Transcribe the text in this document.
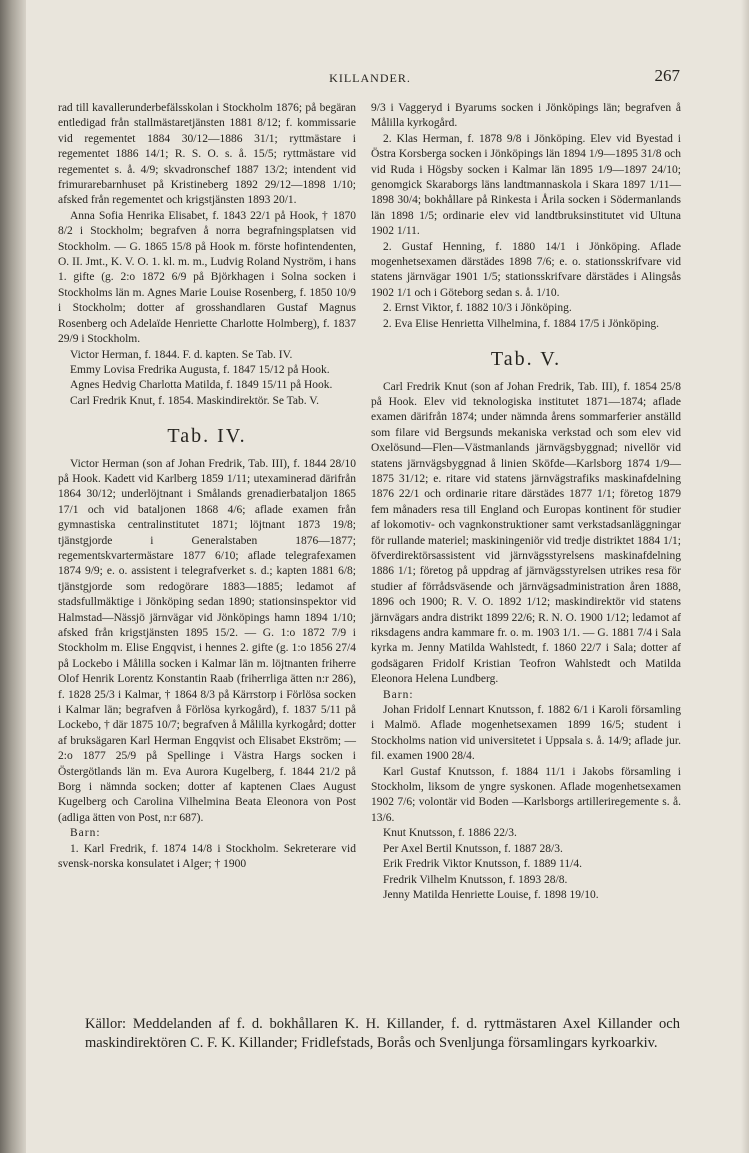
KILLANDER.	267

rad till kavallerunderbefälsskolan i Stockholm 1876; på begäran entledigad från stallmästaretjänsten 1881 8/12; f. kommissarie vid regementet 1884 30/12—1886 31/1; ryttmästare i regementet 1886 14/1; R. S. O. s. å. 15/5; ryttmästare vid regementet s. å. 4/9; skvadronschef 1887 13/2; intendent vid frimurarebarnhuset på Kristineberg 1892 29/12—1898 1/10; afsked från regementet och krigstjänsten 1893 20/1.

Anna Sofia Henrika Elisabet, f. 1843 22/1 på Hook, † 1870 8/2 i Stockholm; begrafven å norra begrafningsplatsen vid Stockholm. — G. 1865 15/8 på Hook m. förste hofintendenten, O. II. Jmt., K. V. O. 1. kl. m. m., Ludvig Roland Nyström, i hans 1. gifte (g. 2:o 1872 6/9 på Björkhagen i Solna socken i Stockholms län m. Agnes Marie Louise Rosenberg, f. 1850 10/9 i Stockholm; dotter af grosshandlaren Gustaf Magnus Rosenberg och Adelaïde Henriette Charlotte Holmberg), f. 1837 29/9 i Stockholm.

Victor Herman, f. 1844. F. d. kapten. Se Tab. IV.

Emmy Lovisa Fredrika Augusta, f. 1847 15/12 på Hook.

Agnes Hedvig Charlotta Matilda, f. 1849 15/11 på Hook.

Carl Fredrik Knut, f. 1854. Maskindirektör. Se Tab. V.

Tab. IV.

Victor Herman (son af Johan Fredrik, Tab. III), f. 1844 28/10 på Hook. Kadett vid Karlberg 1859 1/11; utexaminerad därifrån 1864 30/12; underlöjtnant i Smålands grenadierbataljon 1865 17/1 och vid bataljonen 1868 4/6; aflade examen från gymnastiska centralinstitutet 1871; löjtnant 1873 19/8; tjänstgjorde i Generalstaben 1876—1877; regementskvartermästare 1877 6/10; aflade telegrafexamen 1874 9/9; e. o. assistent i telegrafverket s. d.; kapten 1881 6/8; tjänstgjorde som redogörare 1883—1885; ledamot af stadsfullmäktige i Jönköping sedan 1890; stationsinspektor vid Halmstad—Nässjö järnvägar vid Jönköpings hamn 1894 1/10; afsked från krigstjänsten 1895 15/2. — G. 1:o 1872 7/9 i Stockholm m. Elise Engqvist, i hennes 2. gifte (g. 1:o 1856 27/4 på Lockebo i Målilla socken i Kalmar län m. löjtnanten friherre Olof Henrik Lorentz Konstantin Raab (friherrliga ätten n:r 286), f. 1828 25/3 i Kalmar, † 1864 8/3 på Kärrstorp i Förlösa socken i Kalmar län; begrafven å Förlösa kyrkogård), f. 1837 5/11 på Lockebo, † där 1875 10/7; begrafven å Målilla kyrkogård; dotter af bruksägaren Karl Herman Engqvist och Elisabet Ekström; — 2:o 1877 25/9 på Spellinge i Västra Hargs socken i Östergötlands län m. Eva Aurora Kugelberg, f. 1844 21/2 på Borg i nämnda socken; dotter af kaptenen Claes August Kugelberg och Carolina Vilhelmina Beata Eleonora von Post (adliga ätten von Post, n:r 687).

Barn:

1. Karl Fredrik, f. 1874 14/8 i Stockholm. Sekreterare vid svensk-norska konsulatet i Alger; † 1900

9/3 i Vaggeryd i Byarums socken i Jönköpings län; begrafven å Målilla kyrkogård.

2. Klas Herman, f. 1878 9/8 i Jönköping. Elev vid Byestad i Östra Korsberga socken i Jönköpings län 1894 1/9—1895 31/8 och vid Ruda i Högsby socken i Kalmar län 1895 1/9—1897 24/10; genomgick Skaraborgs läns landtmannaskola i Skara 1897 1/11—1898 30/4; bokhållare på Rinkesta i Årila socken i Södermanlands län 1898 1/5; ordinarie elev vid landtbruksinstitutet vid Ultuna 1902 1/11.

2. Gustaf Henning, f. 1880 14/1 i Jönköping. Aflade mogenhetsexamen därstädes 1898 7/6; e. o. stationsskrifvare vid statens järnvägar 1901 1/5; stationsskrifvare därstädes i Alingsås 1902 1/1 och i Göteborg sedan s. å. 1/10.

2. Ernst Viktor, f. 1882 10/3 i Jönköping.

2. Eva Elise Henrietta Vilhelmina, f. 1884 17/5 i Jönköping.

Tab. V.

Carl Fredrik Knut (son af Johan Fredrik, Tab. III), f. 1854 25/8 på Hook. Elev vid teknologiska institutet 1871—1874; aflade examen därifrån 1874; under nämnda årens sommarferier anställd som filare vid Bergsunds mekaniska verkstad och som elev vid Oxelösund—Flen—Västmanlands järnvägsbyggnad; nivellör vid statens järnvägsbyggnad å linien Sköfde—Karlsborg 1874 1/9—1875 31/12; e. ritare vid statens järnvägstrafiks maskinafdelning 1876 22/1 och ordinarie ritare därstädes 1877 1/1; företog 1879 fem månaders resa till England och Europas kontinent för studier af lokomotiv- och vagnkonstruktioner samt verkstadsanläggningar för rullande materiel; maskiningeniör vid tredje distriktet 1884 1/1; öfverdirektörsassistent vid järnvägsstyrelsens maskinafdelning 1886 1/1; företog på uppdrag af järnvägsstyrelsen utrikes resa för studier af förrådsväsende och järnvägsadministration åren 1888, 1896 och 1900; R. V. O. 1892 1/12; maskindirektör vid statens järnvägars andra distrikt 1899 22/6; R. N. O. 1900 1/12; ledamot af riksdagens andra kammare fr. o. m. 1903 1/1. — G. 1881 7/4 i Sala kyrka m. Jenny Matilda Wahlstedt, f. 1860 22/7 i Sala; dotter af godsägaren Fridolf Kristian Teofron Wahlstedt och Matilda Eleonora Helena Lundberg.

Barn:

Johan Fridolf Lennart Knutsson, f. 1882 6/1 i Karoli församling i Malmö. Aflade mogenhetsexamen 1899 16/5; student i Stockholms nation vid universitetet i Uppsala s. å. 14/9; aflade jur. fil. examen 1900 28/4.

Karl Gustaf Knutsson, f. 1884 11/1 i Jakobs församling i Stockholm, liksom de yngre syskonen. Aflade mogenhetsexamen 1902 7/6; volontär vid Boden —Karlsborgs artilleriregemente s. å. 13/6.

Knut Knutsson, f. 1886 22/3.

Per Axel Bertil Knutsson, f. 1887 28/3.

Erik Fredrik Viktor Knutsson, f. 1889 11/4.

Fredrik Vilhelm Knutsson, f. 1893 28/8.

Jenny Matilda Henriette Louise, f. 1898 19/10.

Källor: Meddelanden af f. d. bokhållaren K. H. Killander, f. d. ryttmästaren Axel Killander och maskindirektören C. F. K. Killander; Fridlefstads, Borås och Svenljunga församlingars kyrkoarkiv.
